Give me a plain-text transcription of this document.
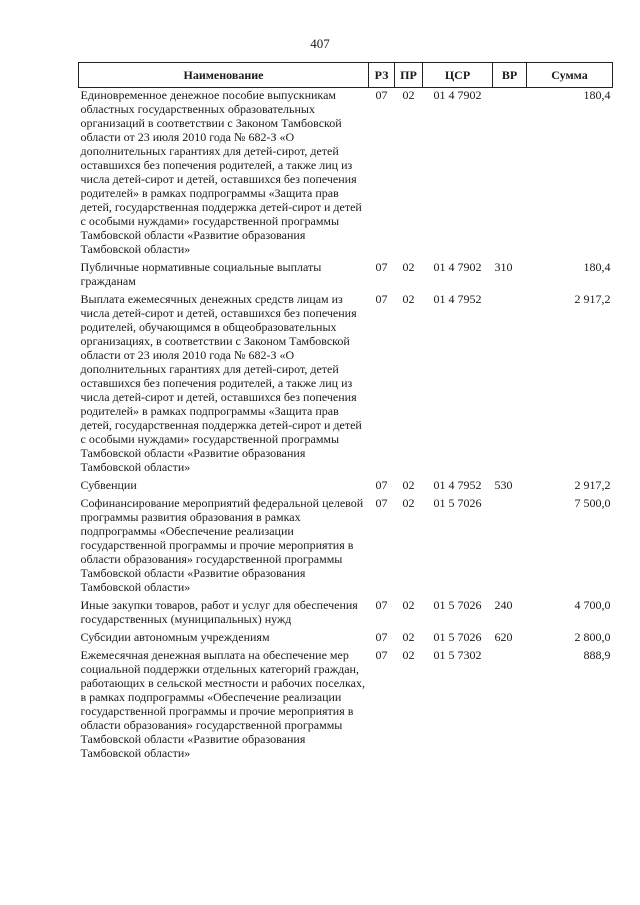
407
Наименование	РЗ	ПР	ЦСР	ВР	Сумма
Единовременное денежное пособие выпускникам областных государственных образовательных организаций в соответствии с Законом Тамбовской области от 23 июля 2010 года № 682-З «О дополнительных гарантиях для детей-сирот, детей оставшихся без попечения родителей, а также лиц из числа детей-сирот и детей, оставшихся без попечения родителей» в рамках подпрограммы «Защита прав детей, государственная поддержка детей-сирот и детей с особыми нуждами» государственной программы Тамбовской области «Развитие образования Тамбовской области»	07	02	01 4 7902		180,4
Публичные нормативные социальные выплаты гражданам	07	02	01 4 7902	310	180,4
Выплата ежемесячных денежных средств лицам из числа детей-сирот и детей, оставшихся без попечения родителей, обучающимся в общеобразовательных организациях, в соответствии с Законом Тамбовской области от 23 июля 2010 года № 682-З «О дополнительных гарантиях для детей-сирот, детей оставшихся без попечения родителей, а также лиц из числа детей-сирот и детей, оставшихся без попечения родителей» в рамках подпрограммы «Защита прав детей, государственная поддержка детей-сирот и детей с особыми нуждами» государственной программы Тамбовской области «Развитие образования Тамбовской области»	07	02	01 4 7952		2 917,2
Субвенции	07	02	01 4 7952	530	2 917,2
Софинансирование мероприятий федеральной целевой программы развития образования в рамках подпрограммы «Обеспечение реализации государственной программы и прочие мероприятия в области образования» государственной программы Тамбовской области «Развитие образования Тамбовской области»	07	02	01 5 7026		7 500,0
Иные закупки товаров, работ и услуг для обеспечения государственных (муниципальных) нужд	07	02	01 5 7026	240	4 700,0
Субсидии автономным учреждениям	07	02	01 5 7026	620	2 800,0
Ежемесячная денежная выплата на обеспечение мер социальной поддержки отдельных категорий граждан, работающих в сельской местности и рабочих поселках, в рамках подпрограммы «Обеспечение реализации государственной программы и прочие мероприятия в области образования» государственной программы Тамбовской области «Развитие образования Тамбовской области»	07	02	01 5 7302		888,9
